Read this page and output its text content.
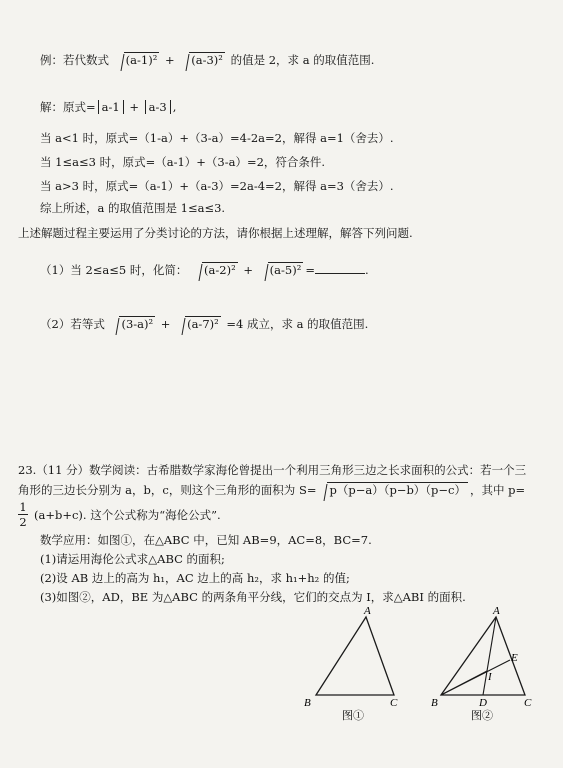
例：若代数式 (a-1)² + (a-3)² 的值是 2，求 a 的取值范围.
解：原式= a-1 + a-3 ,
当 a<1 时，原式=（1-a）+（3-a）=4-2a=2，解得 a=1（舍去）.
当 1≤a≤3 时，原式=（a-1）+（3-a）=2，符合条件.
当 a>3 时，原式=（a-1）+（a-3）=2a-4=2，解得 a=3（舍去）.
综上所述，a 的取值范围是 1≤a≤3.
上述解题过程主要运用了分类讨论的方法，请你根据上述理解，解答下列问题.
（1）当 2≤a≤5 时，化简： (a-2)² + (a-5)² =	.
（2）若等式 (3-a)² + (a-7)² =4 成立，求 a 的取值范围.
23.（11 分）数学阅读：古希腊数学家海伦曾提出一个利用三角形三边之长求面积的公式：若一个三
角形的三边长分别为 a，b，c，则这个三角形的面积为 S= p（p−a）（p−b）（p−c） ，其中 p=
$\frac{1}{2} (a+b+c)$. 这个公式称为“海伦公式”.
数学应用：如图①，在△ABC 中，已知 AB=9，AC=8，BC=7.
(1)请运用海伦公式求△ABC 的面积;
(2)设 AB 边上的高为 h₁，AC 边上的高 h₂，求 h₁+h₂ 的值;
(3)如图②，AD，BE 为△ABC 的两条角平分线，它们的交点为 I，求△ABI 的面积.
A
B	C
图①
A
B	C
D
E
I
图②
